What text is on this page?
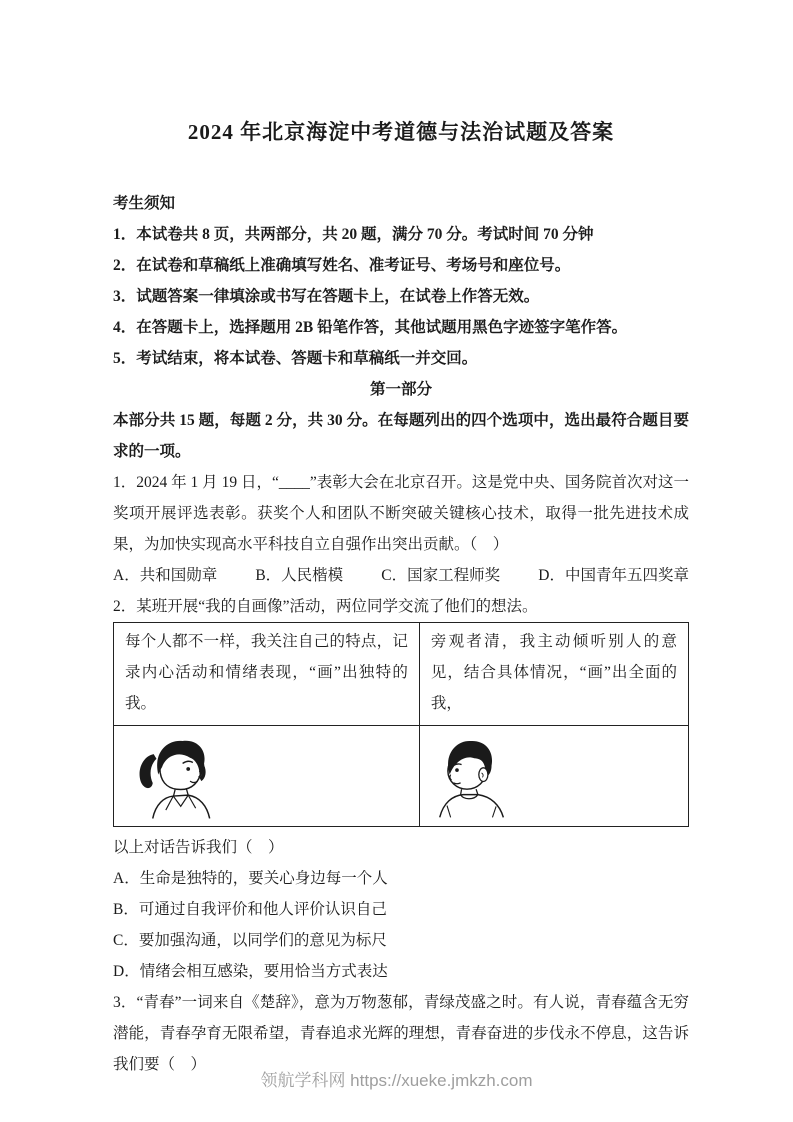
2024 年北京海淀中考道德与法治试题及答案

考生须知

1．本试卷共 8 页，共两部分，共 20 题，满分 70 分。考试时间 70 分钟

2．在试卷和草稿纸上准确填写姓名、准考证号、考场号和座位号。

3．试题答案一律填涂或书写在答题卡上，在试卷上作答无效。

4．在答题卡上，选择题用 2B 铅笔作答，其他试题用黑色字迹签字笔作答。

5．考试结束，将本试卷、答题卡和草稿纸一并交回。

第一部分

本部分共 15 题，每题 2 分，共 30 分。在每题列出的四个选项中，选出最符合题目要求的一项。

1．2024 年 1 月 19 日，“____”表彰大会在北京召开。这是党中央、国务院首次对这一奖项开展评选表彰。获奖个人和团队不断突破关键核心技术，取得一批先进技术成果，为加快实现高水平科技自立自强作出突出贡献。（　）

A．共和国勋章 B．人民楷模 C．国家工程师奖 D．中国青年五四奖章

2．某班开展“我的自画像”活动，两位同学交流了他们的想法。

每个人都不一样，我关注自己的特点，记录内心活动和情绪表现，“画”出独特的我。	旁观者清，我主动倾听别人的意见，结合具体情况，“画”出全面的我，

以上对话告诉我们（　）

A．生命是独特的，要关心身边每一个人

B．可通过自我评价和他人评价认识自己

C．要加强沟通，以同学们的意见为标尺

D．情绪会相互感染，要用恰当方式表达

3．“青春”一词来自《楚辞》，意为万物葱郁，青绿茂盛之时。有人说，青春蕴含无穷潜能，青春孕育无限希望，青春追求光辉的理想，青春奋进的步伐永不停息，这告诉我们要（　）

领航学科网 https://xueke.jmkzh.com
